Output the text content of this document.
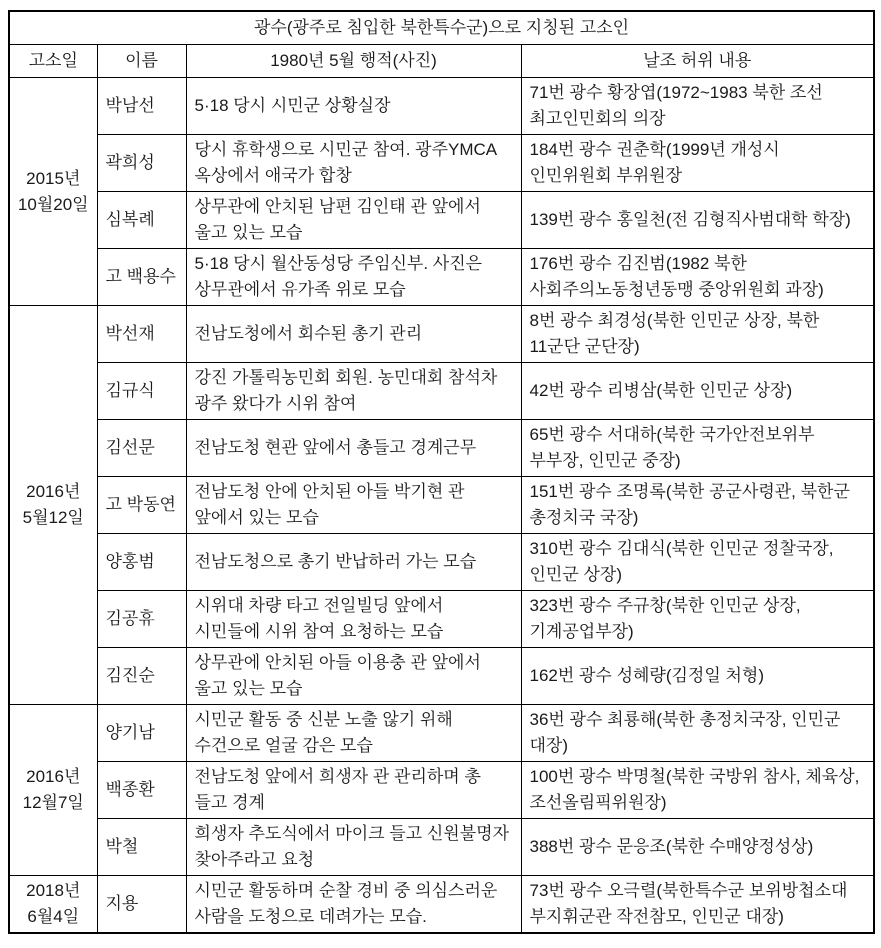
광수(광주로 침입한 북한특수군)으로 지칭된 고소인			
고소일	이름	1980년 5월 행적(사진)	날조 허위 내용

2015년
10월20일	박남선	5·18 당시 시민군 상황실장	71번 광수 황장엽(1972~1983 북한 조선 최고인민회의 의장
	곽희성	당시 휴학생으로 시민군 참여. 광주YMCA 옥상에서 애국가 합창	184번 광수 권춘학(1999년 개성시 인민위원회 부위원장
	심복례	상무관에 안치된 남편 김인태 관 앞에서 울고 있는 모습	139번 광수 홍일천(전 김형직사범대학 학장)
	고 백용수	5·18 당시 월산동성당 주임신부. 사진은 상무관에서 유가족 위로 모습	176번 광수 김진범(1982 북한 사회주의노동청년동맹 중앙위원회 과장)

2016년
5월12일	박선재	전남도청에서 회수된 총기 관리	8번 광수 최경성(북한 인민군 상장, 북한 11군단 군단장)
	김규식	강진 가톨릭농민회 회원. 농민대회 참석차 광주 왔다가 시위 참여	42번 광수 리병삼(북한 인민군 상장)
	김선문	전남도청 현관 앞에서 총들고 경계근무	65번 광수 서대하(북한 국가안전보위부 부부장, 인민군 중장)
	고 박동연	전남도청 안에 안치된 아들 박기현 관 앞에서 있는 모습	151번 광수 조명록(북한 공군사령관, 북한군 총정치국 국장)
	양홍범	전남도청으로 총기 반납하러 가는 모습	310번 광수 김대식(북한 인민군 정찰국장, 인민군 상장)
	김공휴	시위대 차량 타고 전일빌딩 앞에서 시민들에 시위 참여 요청하는 모습	323번 광수 주규창(북한 인민군 상장, 기계공업부장)
	김진순	상무관에 안치된 아들 이용충 관 앞에서 울고 있는 모습	162번 광수 성혜량(김정일 처형)

2016년
12월7일	양기남	시민군 활동 중 신분 노출 않기 위해 수건으로 얼굴 감은 모습	36번 광수 최룡해(북한 총정치국장, 인민군 대장)
	백종환	전남도청 앞에서 희생자 관 관리하며 총 들고 경계	100번 광수 박명철(북한 국방위 참사, 체육상, 조선올림픽위원장)
	박철	희생자 추도식에서 마이크 들고 신원불명자 찾아주라고 요청	388번 광수 문응조(북한 수매양정성상)

2018년
6월4일	지용	시민군 활동하며 순찰 경비 중 의심스러운 사람을 도청으로 데려가는 모습.	73번 광수 오극렬(북한특수군 보위방첩소대 부지휘군관 작전참모, 인민군 대장)
